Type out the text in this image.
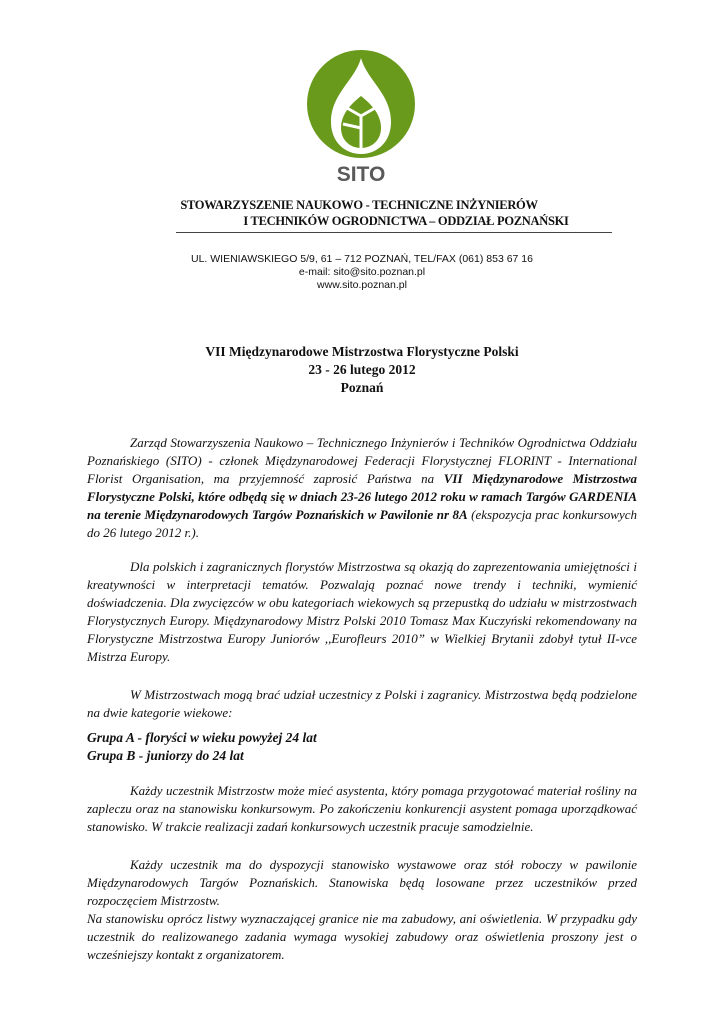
SITO
STOWARZYSZENIE NAUKOWO - TECHNICZNE INŻYNIERÓW
I TECHNIKÓW OGRODNICTWA – ODDZIAŁ POZNAŃSKI
UL. WIENIAWSKIEGO 5/9, 61 – 712 POZNAŃ, TEL/FAX (061) 853 67 16
e-mail: sito@sito.poznan.pl
www.sito.poznan.pl
VII Międzynarodowe Mistrzostwa Florystyczne Polski
23 - 26 lutego 2012
Poznań

Zarząd Stowarzyszenia Naukowo – Technicznego Inżynierów i Techników Ogrodnictwa Oddziału Poznańskiego (SITO) - członek Międzynarodowej Federacji Florystycznej FLORINT - International Florist Organisation, ma przyjemność zaprosić Państwa na VII Międzynarodowe Mistrzostwa Florystyczne Polski, które odbędą się w dniach 23-26 lutego 2012 roku w ramach Targów GARDENIA na terenie Międzynarodowych Targów Poznańskich w Pawilonie nr 8A (ekspozycja prac konkursowych do 26 lutego 2012 r.).

Dla polskich i zagranicznych florystów Mistrzostwa są okazją do zaprezentowania umiejętności i kreatywności w interpretacji tematów. Pozwalają poznać nowe trendy i techniki, wymienić doświadczenia. Dla zwycięzców w obu kategoriach wiekowych są przepustką do udziału w mistrzostwach Florystycznych Europy. Międzynarodowy Mistrz Polski 2010 Tomasz Max Kuczyński rekomendowany na Florystyczne Mistrzostwa Europy Juniorów ,,Eurofleurs 2010” w Wielkiej Brytanii zdobył tytuł II-vce Mistrza Europy.

W Mistrzostwach mogą brać udział uczestnicy z Polski i zagranicy. Mistrzostwa będą podzielone na dwie kategorie wiekowe:

Grupa A - floryści w wieku powyżej 24 lat
Grupa B - juniorzy do 24 lat

Każdy uczestnik Mistrzostw może mieć asystenta, który pomaga przygotować materiał rośliny na zapleczu oraz na stanowisku konkursowym. Po zakończeniu konkurencji asystent pomaga uporządkować stanowisko. W trakcie realizacji zadań konkursowych uczestnik pracuje samodzielnie.

Każdy uczestnik ma do dyspozycji stanowisko wystawowe oraz stół roboczy w pawilonie Międzynarodowych Targów Poznańskich. Stanowiska będą losowane przez uczestników przed rozpoczęciem Mistrzostw.

Na stanowisku oprócz listwy wyznaczającej granice nie ma zabudowy, ani oświetlenia. W przypadku gdy uczestnik do realizowanego zadania wymaga wysokiej zabudowy oraz oświetlenia proszony jest o wcześniejszy kontakt z organizatorem.
